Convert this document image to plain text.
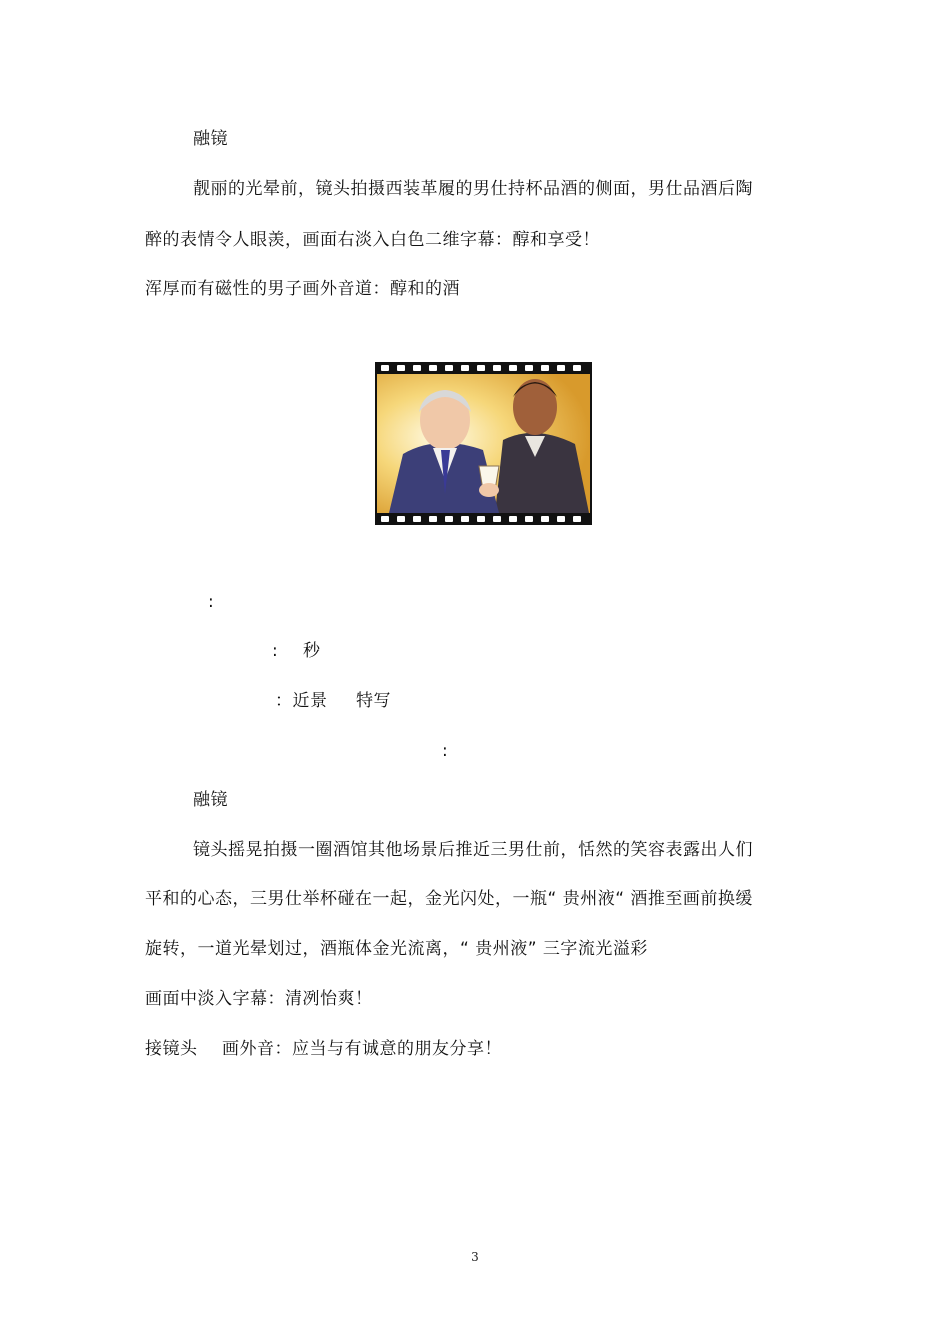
融镜
靓丽的光晕前，镜头拍摄西装革履的男仕持杯品酒的侧面，男仕品酒后陶
醉的表情令人眼羡，画面右淡入白色二维字幕：醇和享受！
浑厚而有磁性的男子画外音道：醇和的酒
:
: 秒
：近景 特写
:
融镜
镜头摇晃拍摄一圈酒馆其他场景后推近三男仕前，恬然的笑容表露出人们
平和的心态，三男仕举杯碰在一起，金光闪处，一瓶“ 贵州液“ 酒推至画前换缓
旋转，一道光晕划过，酒瓶体金光流离，“ 贵州液” 三字流光溢彩
画面中淡入字幕：清冽怡爽！
接镜头 画外音：应当与有诚意的朋友分享！
3
